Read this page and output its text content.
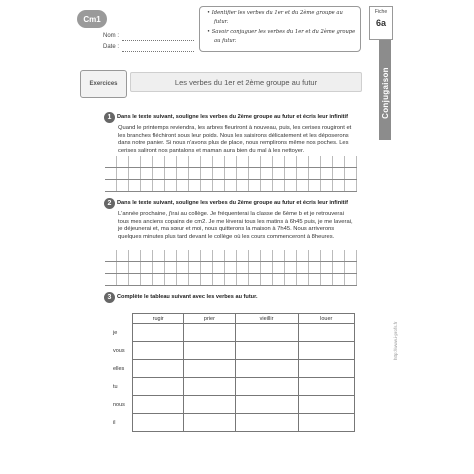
Cm1
Nom :
Date :
• Identifier les verbes du 1er et du 2ème groupe au
futur.
• Savoir conjuguer les verbes du 1er et du 2ème groupe
au futur.
Fiche
6a
Conjugaison
Exercices	Les verbes du 1er et 2ème groupe au futur
1 Dans le texte suivant, souligne les verbes du 2ème groupe au futur et écris leur infinitif
Quand le printemps reviendra, les arbres fleuriront à nouveau, puis, les cerises rougiront et les branches fléchiront sous leur poids. Nous les saisirons délicatement et les déposerons dans notre panier. Si nous n'avons plus de place, nous remplirons même nos poches. Les cerises saliront nos pantalons et maman aura bien du mal à les nettoyer.
2 Dans le texte suivant, souligne les verbes du 2ème groupe au futur et écris leur infinitif
L'année prochaine, j'irai au collège. Je fréquenterai la classe de 6ème b et je retrouverai tous mes anciens copains de cm2. Je me lèverai tous les matins à 6h45 puis, je me laverai, je déjeunerai et, ma sœur et moi, nous quitterons la maison à 7h45. Nous arriverons quelques minutes plus tard devant le collège où les cours commenceront à 8heures.
3 Complète le tableau suivant avec les verbes au futur.
	rugir	prier	vieillir	louer
je				
vous				
elles				
tu				
nous				
il				
http://www.i-profs.fr
